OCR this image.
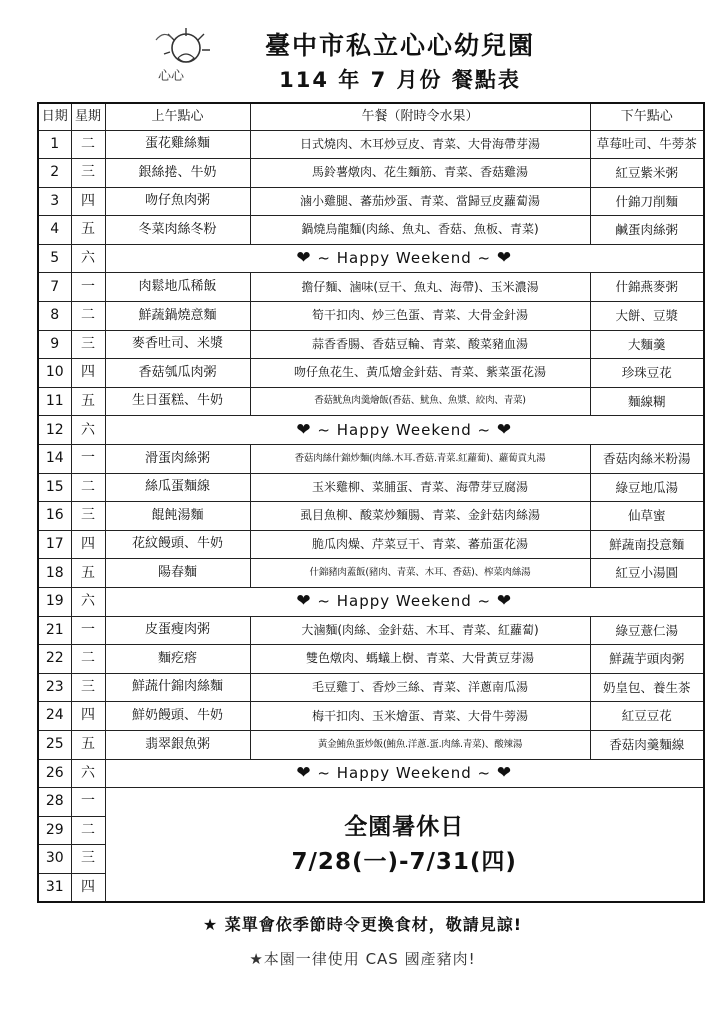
心心
臺中市私立心心幼兒園
114 年 7 月份 餐點表
日期	星期	上午點心	午餐（附時令水果）	下午點心
1	二	蛋花雞絲麵	日式燒肉、木耳炒豆皮、青菜、大骨海帶芽湯	草莓吐司、牛蒡茶
2	三	銀絲捲、牛奶	馬鈴薯燉肉、花生麵筋、青菜、香菇雞湯	紅豆紫米粥
3	四	吻仔魚肉粥	滷小雞腿、蕃茄炒蛋、青菜、當歸豆皮蘿蔔湯	什錦刀削麵
4	五	冬菜肉絲冬粉	鍋燒烏龍麵(肉絲、魚丸、香菇、魚板、青菜)	鹹蛋肉絲粥
5	六	❤ ~ Happy Weekend ~ ❤		
7	一	肉鬆地瓜稀飯	擔仔麵、滷味(豆干、魚丸、海帶)、玉米濃湯	什錦燕麥粥
8	二	鮮蔬鍋燒意麵	筍干扣肉、炒三色蛋、青菜、大骨金針湯	大餅、豆漿
9	三	麥香吐司、米漿	蒜香香腸、香菇豆輪、青菜、酸菜豬血湯	大麵羹
10	四	香菇瓠瓜肉粥	吻仔魚花生、黃瓜燴金針菇、青菜、紫菜蛋花湯	珍珠豆花
11	五	生日蛋糕、牛奶	香菇魷魚肉羹燴飯(香菇、魷魚、魚漿、絞肉、青菜)	麵線糊
12	六	❤ ~ Happy Weekend ~ ❤		
14	一	滑蛋肉絲粥	香菇肉絲什錦炒麵(肉絲.木耳.香菇.青菜.紅蘿蔔)、蘿蔔貢丸湯	香菇肉絲米粉湯
15	二	絲瓜蛋麵線	玉米雞柳、菜脯蛋、青菜、海帶芽豆腐湯	綠豆地瓜湯
16	三	餛飩湯麵	虱目魚柳、酸菜炒麵腸、青菜、金針菇肉絲湯	仙草蜜
17	四	花紋饅頭、牛奶	脆瓜肉燥、芹菜豆干、青菜、蕃茄蛋花湯	鮮蔬南投意麵
18	五	陽春麵	什錦豬肉蓋飯(豬肉、青菜、木耳、香菇)、榨菜肉絲湯	紅豆小湯圓
19	六	❤ ~ Happy Weekend ~ ❤		
21	一	皮蛋瘦肉粥	大滷麵(肉絲、金針菇、木耳、青菜、紅蘿蔔)	綠豆薏仁湯
22	二	麵疙瘩	雙色燉肉、螞蟻上樹、青菜、大骨黃豆芽湯	鮮蔬芋頭肉粥
23	三	鮮蔬什錦肉絲麵	毛豆雞丁、香炒三絲、青菜、洋蔥南瓜湯	奶皇包、養生茶
24	四	鮮奶饅頭、牛奶	梅干扣肉、玉米燴蛋、青菜、大骨牛蒡湯	紅豆豆花
25	五	翡翠銀魚粥	黃金鮪魚蛋炒飯(鮪魚.洋蔥.蛋.肉絲.青菜)、酸辣湯	香菇肉羹麵線
26	六	❤ ~ Happy Weekend ~ ❤		
28	一	全園暑休日
7/28(一)-7/31(四)		

29	二			
30	三			
31	四			
★ 菜單會依季節時令更換食材，敬請見諒!
★本園一律使用 CAS 國產豬肉!
